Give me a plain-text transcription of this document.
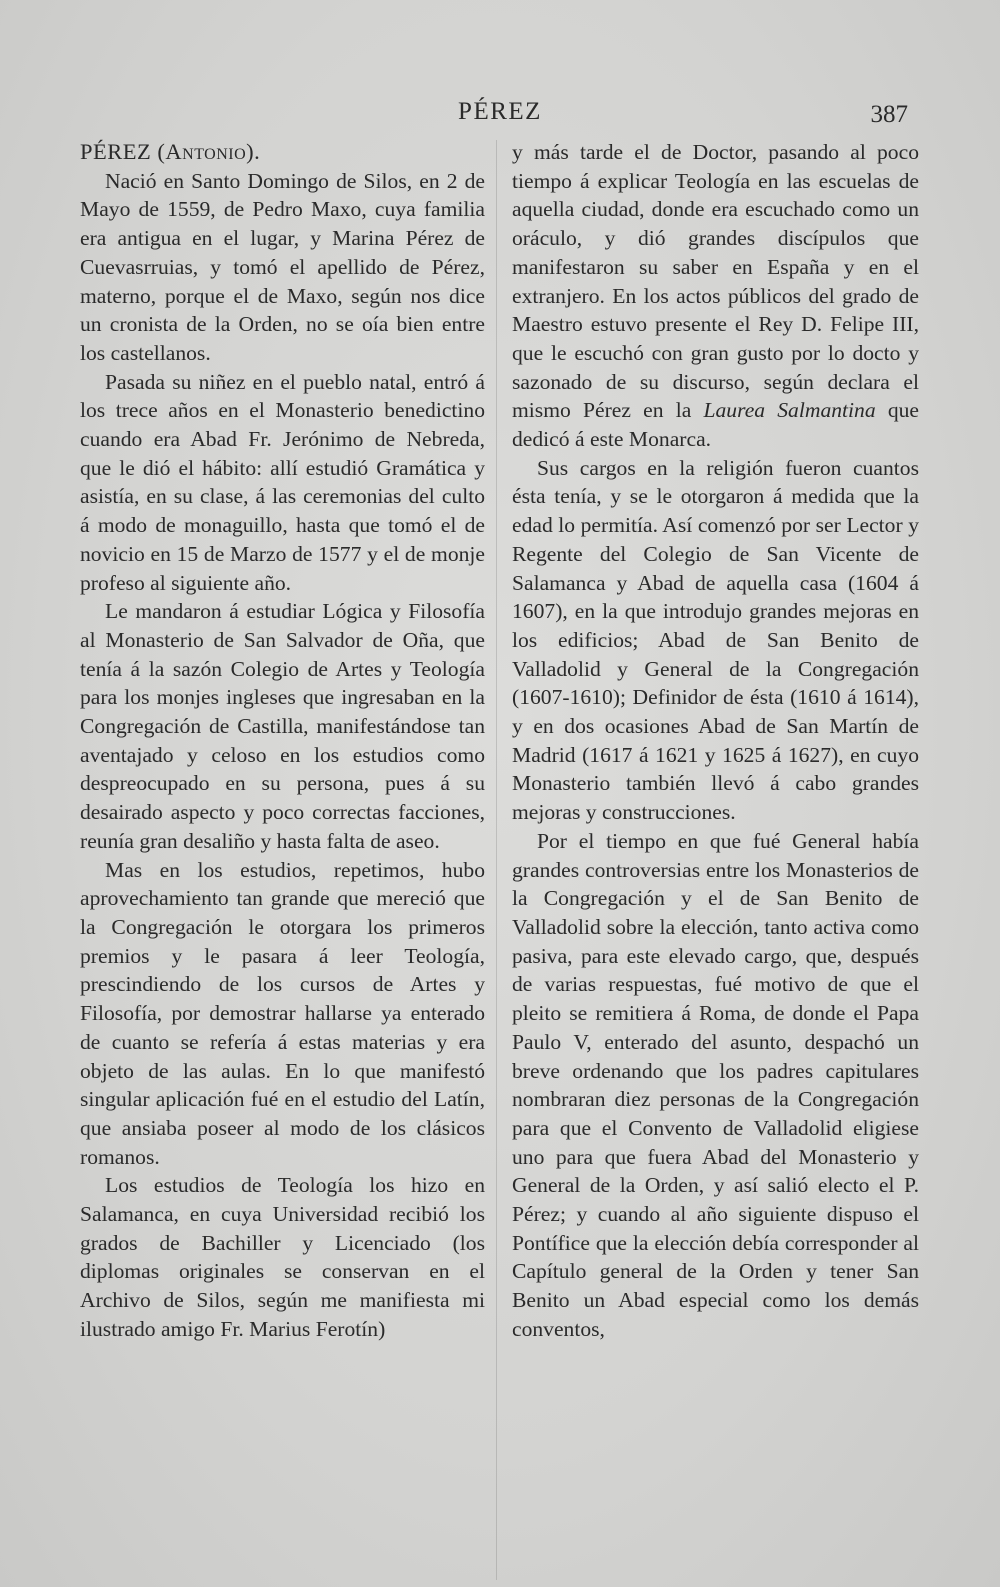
PÉREZ	387

PÉREZ (Antonio).

Nació en Santo Domingo de Silos, en 2 de Mayo de 1559, de Pedro Maxo, cuya familia era antigua en el lugar, y Marina Pérez de Cuevasrruias, y tomó el apellido de Pérez, materno, porque el de Maxo, según nos dice un cronista de la Orden, no se oía bien entre los castellanos.

Pasada su niñez en el pueblo natal, entró á los trece años en el Monasterio benedictino cuando era Abad Fr. Jerónimo de Nebreda, que le dió el hábito: allí estudió Gramática y asistía, en su clase, á las ceremonias del culto á modo de monaguillo, hasta que tomó el de novicio en 15 de Marzo de 1577 y el de monje profeso al siguiente año.

Le mandaron á estudiar Lógica y Filosofía al Monasterio de San Salvador de Oña, que tenía á la sazón Colegio de Artes y Teología para los monjes ingleses que ingresaban en la Congregación de Castilla, manifestándose tan aventajado y celoso en los estudios como despreocupado en su persona, pues á su desairado aspecto y poco correctas facciones, reunía gran desaliño y hasta falta de aseo.

Mas en los estudios, repetimos, hubo aprovechamiento tan grande que mereció que la Congregación le otorgara los primeros premios y le pasara á leer Teología, prescindiendo de los cursos de Artes y Filosofía, por demostrar hallarse ya enterado de cuanto se refería á estas materias y era objeto de las aulas. En lo que manifestó singular aplicación fué en el estudio del Latín, que ansiaba poseer al modo de los clásicos romanos.

Los estudios de Teología los hizo en Salamanca, en cuya Universidad recibió los grados de Bachiller y Licenciado (los diplomas originales se conservan en el Archivo de Silos, según me manifiesta mi ilustrado amigo Fr. Marius Ferotín)

y más tarde el de Doctor, pasando al poco tiempo á explicar Teología en las escuelas de aquella ciudad, donde era escuchado como un oráculo, y dió grandes discípulos que manifestaron su saber en España y en el extranjero. En los actos públicos del grado de Maestro estuvo presente el Rey D. Felipe III, que le escuchó con gran gusto por lo docto y sazonado de su discurso, según declara el mismo Pérez en la Laurea Salmantina que dedicó á este Monarca.

Sus cargos en la religión fueron cuantos ésta tenía, y se le otorgaron á medida que la edad lo permitía. Así comenzó por ser Lector y Regente del Colegio de San Vicente de Salamanca y Abad de aquella casa (1604 á 1607), en la que introdujo grandes mejoras en los edificios; Abad de San Benito de Valladolid y General de la Congregación (1607-1610); Definidor de ésta (1610 á 1614), y en dos ocasiones Abad de San Martín de Madrid (1617 á 1621 y 1625 á 1627), en cuyo Monasterio también llevó á cabo grandes mejoras y construcciones.

Por el tiempo en que fué General había grandes controversias entre los Monasterios de la Congregación y el de San Benito de Valladolid sobre la elección, tanto activa como pasiva, para este elevado cargo, que, después de varias respuestas, fué motivo de que el pleito se remitiera á Roma, de donde el Papa Paulo V, enterado del asunto, despachó un breve ordenando que los padres capitulares nombraran diez personas de la Congregación para que el Convento de Valladolid eligiese uno para que fuera Abad del Monasterio y General de la Orden, y así salió electo el P. Pérez; y cuando al año siguiente dispuso el Pontífice que la elección debía corresponder al Capítulo general de la Orden y tener San Benito un Abad especial como los demás conventos,
